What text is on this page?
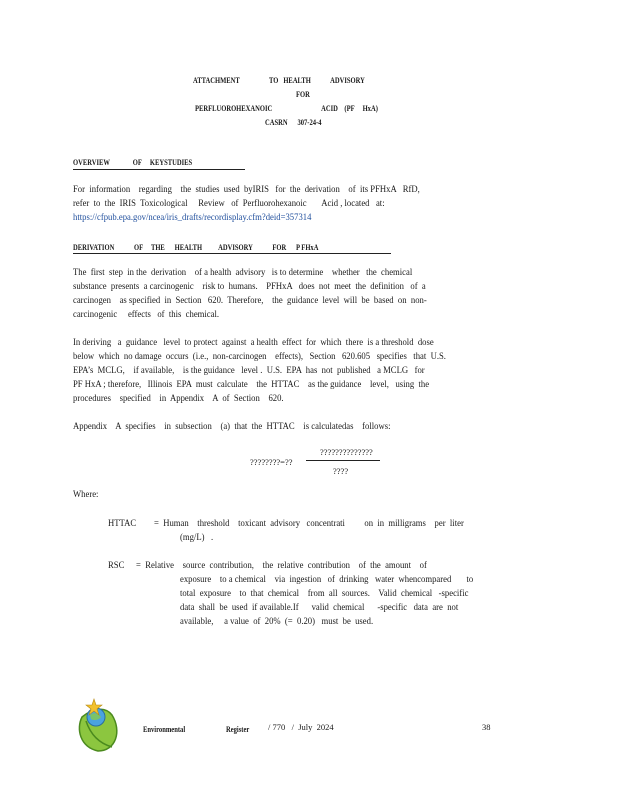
ATTACHMENT                  TO   HEALTH            ADVISORY
FOR
PERFLUOROHEXANOIC                              ACID    (PF     HxA)
CASRN      307-24-4
OVERVIEW              OF     KEYSTUDIES
For  information    regarding    the  studies  used  byIRIS   for  the  derivation    of  its PFHxA   RfD,
refer  to  the  IRIS  Toxicological     Review   of  Perfluorohexanoic       Acid , located   at:
https://cfpub.epa.gov/ncea/iris_drafts/recordisplay.cfm?deid=357314
DERIVATION            OF     THE      HEALTH          ADVISORY            FOR      P FHxA
The  first  step  in the  derivation    of a health  advisory   is to determine    whether   the  chemical
substance  presents  a carcinogenic    risk to  humans.    PFHxA   does  not  meet  the  definition   of  a
carcinogen    as specified  in  Section   620.  Therefore,    the  guidance  level  will  be  based  on  non-
carcinogenic     effects   of  this  chemical.
In deriving   a  guidance   level  to protect  against  a health  effect  for  which  there  is a threshold  dose
below  which  no damage  occurs  (i.e.,  non-carcinogen    effects),   Section   620.605   specifies   that  U.S.
EPA’s  MCLG,    if available,    is the guidance   level .  U.S.  EPA  has  not  published   a MCLG   for
PF HxA ; therefore,   Illinois  EPA  must  calculate    the  HTTAC    as the guidance    level,   using  the
procedures    specified    in  Appendix    A  of  Section    620.
Appendix    A  specifies    in  subsection    (a)  that  the  HTTAC    is calculatedas    follows:
??????????????
????????=??
????
Where:
HTTAC =  Human    threshold    toxicant  advisory   concentrati         on  in  milligrams    per  liter
(mg/L)   .
RSC =  Relative    source  contribution,    the  relative  contribution    of  the  amount    of
exposure    to a chemical    via  ingestion   of  drinking   water  whencompared       to
total  exposure    to  that  chemical    from  all  sources.    Valid  chemical   -specific
data  shall  be  used  if available.If      valid  chemical      -specific   data  are  not
available,     a value  of  20%  (=  0.20)   must  be  used.
Environmental	Register / 770   /  July  2024	38
